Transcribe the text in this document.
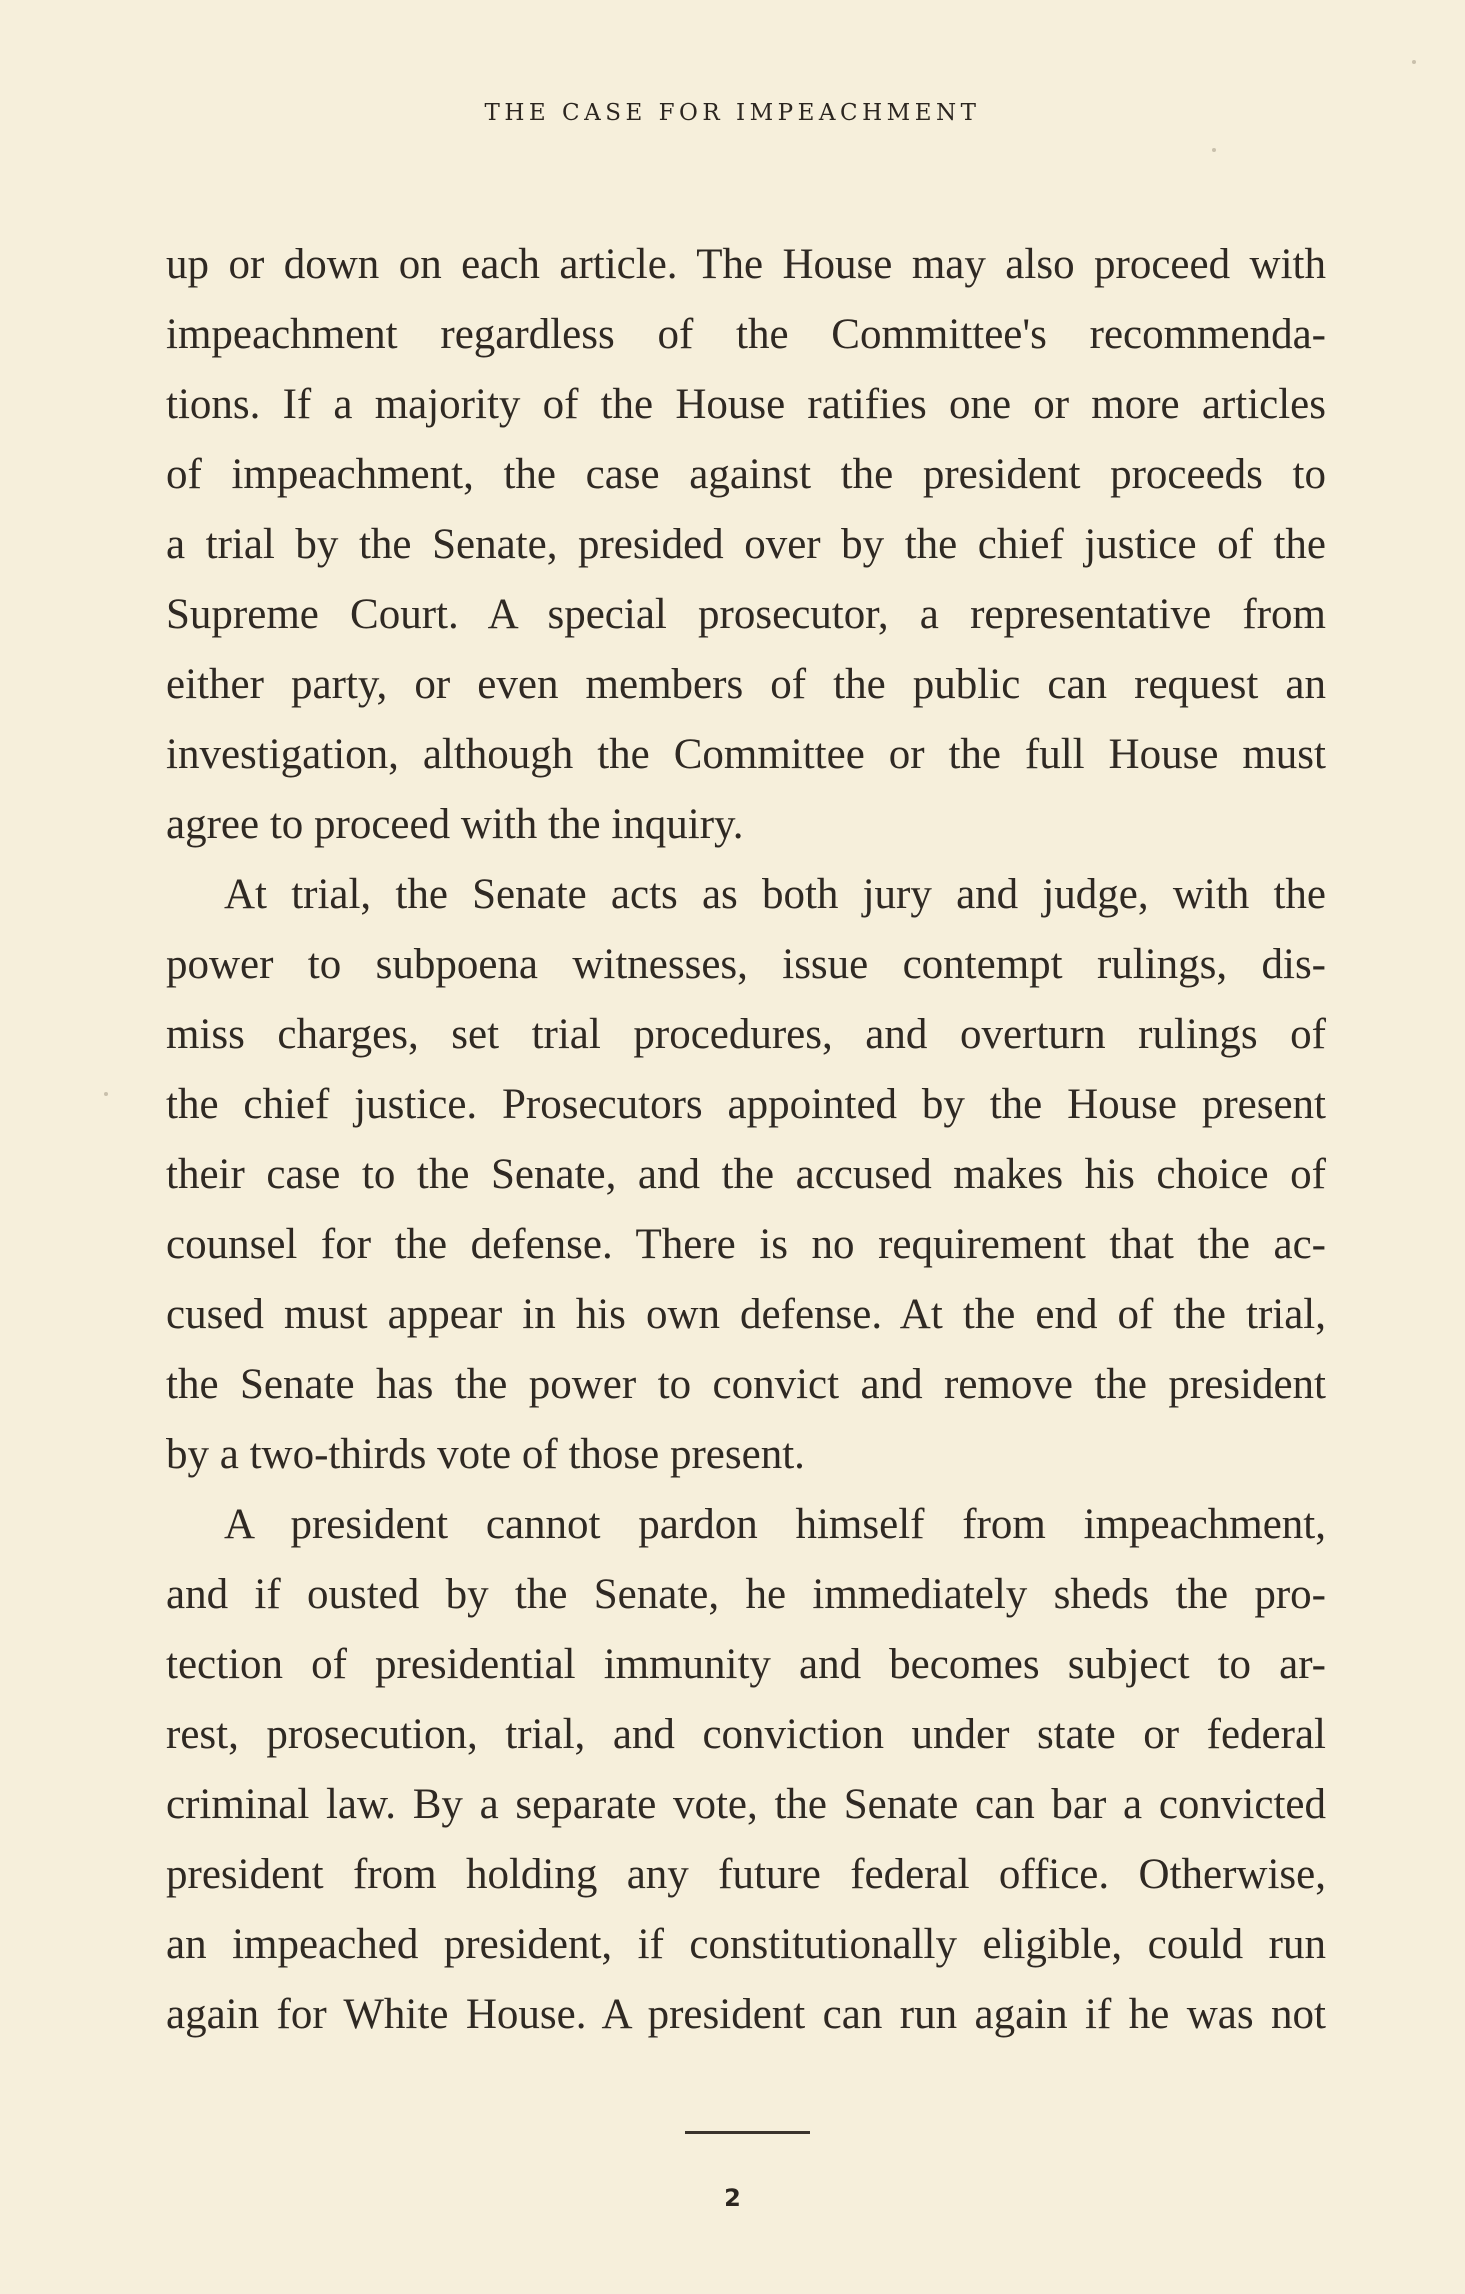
THE CASE FOR IMPEACHMENT
up or down on each article. The House may also proceed with
impeachment regardless of the Committee's recommenda-
tions. If a majority of the House ratifies one or more articles
of impeachment, the case against the president proceeds to
a trial by the Senate, presided over by the chief justice of the
Supreme Court. A special prosecutor, a representative from
either party, or even members of the public can request an
investigation, although the Committee or the full House must
agree to proceed with the inquiry.
At trial, the Senate acts as both jury and judge, with the
power to subpoena witnesses, issue contempt rulings, dis-
miss charges, set trial procedures, and overturn rulings of
the chief justice. Prosecutors appointed by the House present
their case to the Senate, and the accused makes his choice of
counsel for the defense. There is no requirement that the ac-
cused must appear in his own defense. At the end of the trial,
the Senate has the power to convict and remove the president
by a two-thirds vote of those present.
A president cannot pardon himself from impeachment,
and if ousted by the Senate, he immediately sheds the pro-
tection of presidential immunity and becomes subject to ar-
rest, prosecution, trial, and conviction under state or federal
criminal law. By a separate vote, the Senate can bar a convicted
president from holding any future federal office. Otherwise,
an impeached president, if constitutionally eligible, could run
again for White House. A president can run again if he was not
2
